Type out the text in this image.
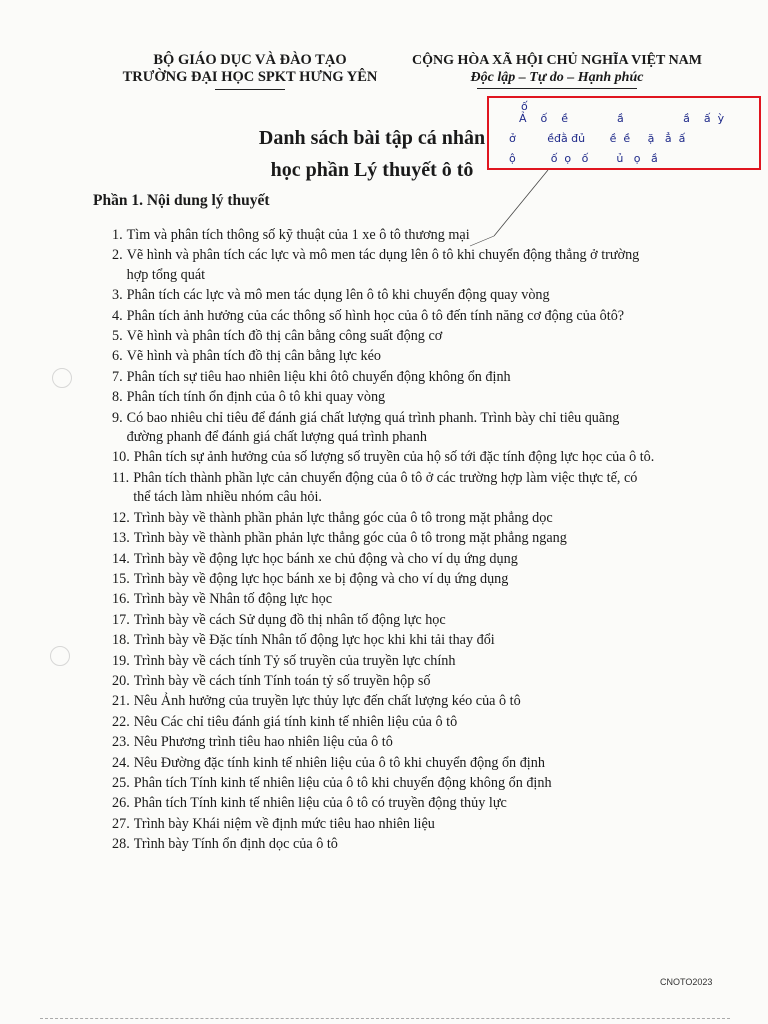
BỘ GIÁO DỤC VÀ ĐÀO TẠO
TRƯỜNG ĐẠI HỌC SPKT HƯNG YÊN
CỘNG HÒA XÃ HỘI CHỦ NGHĨA VIỆT NAM
Độc lập – Tự do – Hạnh phúc
Danh sách bài tập cá nhân
học phần Lý thuyết ô tô
ố
Ả    ố    ề              ầ                 ầ    ấ  ỳ
ở         ềđằ đủ       ề  ề     ặ   ẳ  ấ
ộ          ố  ọ   ố        ủ   ọ   ầ
Phần 1. Nội dung lý thuyết
1. Tìm và phân tích thông số kỹ thuật của 1 xe ô tô thương mại
2. Vẽ hình và phân tích các lực và mô men tác dụng lên ô tô khi chuyển động thẳng ở trường hợp tổng quát
3. Phân tích các lực và mô men tác dụng lên ô tô khi chuyển động quay vòng
4. Phân tích ảnh hưởng của các thông số hình học của ô tô đến tính năng cơ động của ôtô?
5. Vẽ hình và phân tích đồ thị cân bằng công suất động cơ
6. Vẽ hình và phân tích đồ thị cân bằng lực kéo
7. Phân tích sự tiêu hao nhiên liệu khi ôtô chuyển động không ổn định
8. Phân tích tính ổn định của ô tô khi quay vòng
9. Có bao nhiêu chỉ tiêu để đánh giá chất lượng quá trình phanh. Trình bày chỉ tiêu quãng đường phanh để đánh giá chất lượng quá trình phanh
10. Phân tích sự ảnh hưởng của số lượng số truyền của hộ số tới đặc tính động lực học của ô tô.
11. Phân tích thành phần lực cản chuyển động của ô tô ở các trường hợp làm việc thực tế, có thể tách làm nhiều nhóm câu hỏi.
12. Trình bày về thành phần phản lực thẳng góc của ô tô trong mặt phẳng dọc
13. Trình bày về thành phần phản lực thẳng góc của ô tô trong mặt phẳng ngang
14. Trình bày về động lực học bánh xe chủ động và cho ví dụ ứng dụng
15. Trình bày về động lực học bánh xe bị động và cho ví dụ ứng dụng
16. Trình bày về Nhân tố động lực học
17. Trình bày về cách Sử dụng đồ thị nhân tố động lực học
18. Trình bày về Đặc tính Nhân tố động lực học khi khi tải thay đổi
19. Trình bày về cách tính Tỷ số truyền của truyền lực chính
20. Trình bày về cách tính Tính toán tỷ số truyền hộp số
21. Nêu Ảnh hưởng của truyền lực thủy lực đến chất lượng kéo của ô tô
22. Nêu Các chỉ tiêu đánh giá tính kinh tế nhiên liệu của ô tô
23. Nêu Phương trình tiêu hao nhiên liệu của ô tô
24. Nêu Đường đặc tính kinh tế nhiên liệu của ô tô khi chuyển động ổn định
25. Phân tích Tính kinh tế nhiên liệu của ô tô khi chuyển động không ổn định
26. Phân tích Tính kinh tế nhiên liệu của ô tô có truyền động thủy lực
27. Trình bày Khái niệm về định mức tiêu hao nhiên liệu
28. Trình bày Tính ổn định dọc của ô tô
CNOTO2023
